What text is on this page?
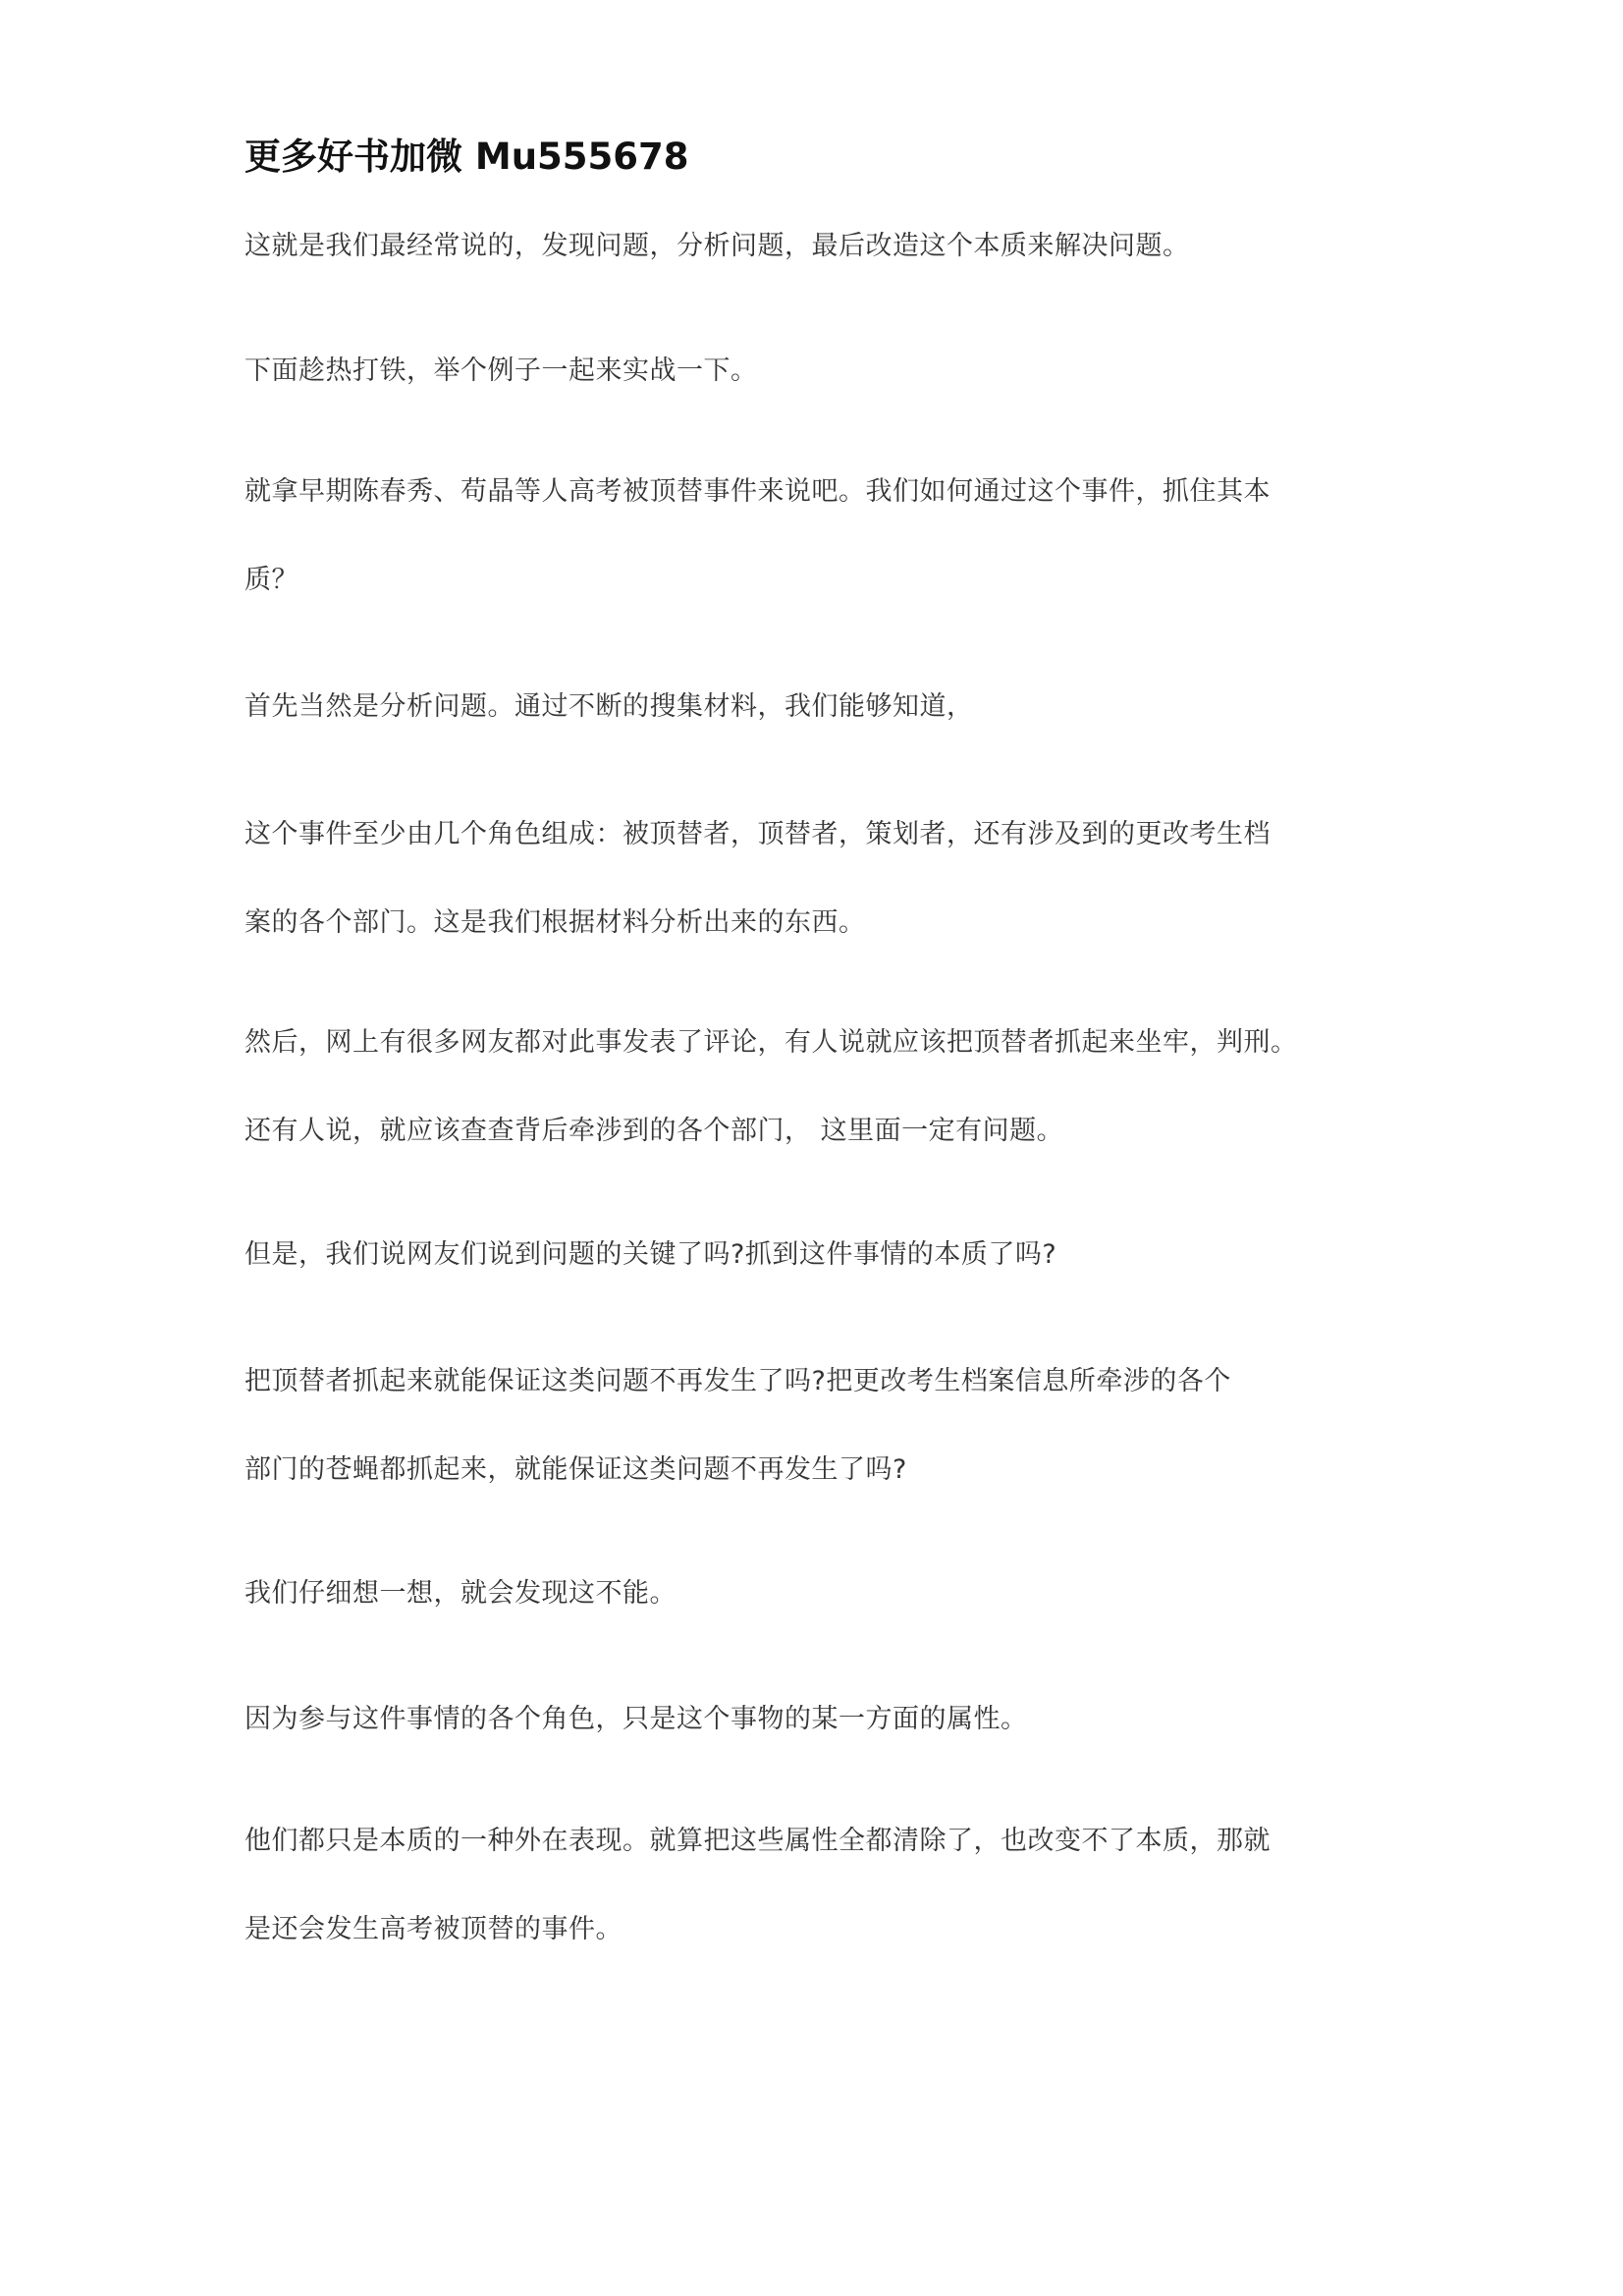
更多好书加微 Mu555678
这就是我们最经常说的，发现问题，分析问题，最后改造这个本质来解决问题。
下面趁热打铁，举个例子一起来实战一下。
就拿早期陈春秀、苟晶等人高考被顶替事件来说吧。我们如何通过这个事件，抓住其本
质？
首先当然是分析问题。通过不断的搜集材料，我们能够知道，
这个事件至少由几个角色组成：被顶替者，顶替者，策划者，还有涉及到的更改考生档
案的各个部门。这是我们根据材料分析出来的东西。
然后，网上有很多网友都对此事发表了评论，有人说就应该把顶替者抓起来坐牢，判刑。
还有人说，就应该查查背后牵涉到的各个部门， 这里面一定有问题。
但是，我们说网友们说到问题的关键了吗?抓到这件事情的本质了吗?
把顶替者抓起来就能保证这类问题不再发生了吗?把更改考生档案信息所牵涉的各个
部门的苍蝇都抓起来，就能保证这类问题不再发生了吗?
我们仔细想一想，就会发现这不能。
因为参与这件事情的各个角色，只是这个事物的某一方面的属性。
他们都只是本质的一种外在表现。就算把这些属性全都清除了，也改变不了本质，那就
是还会发生高考被顶替的事件。
